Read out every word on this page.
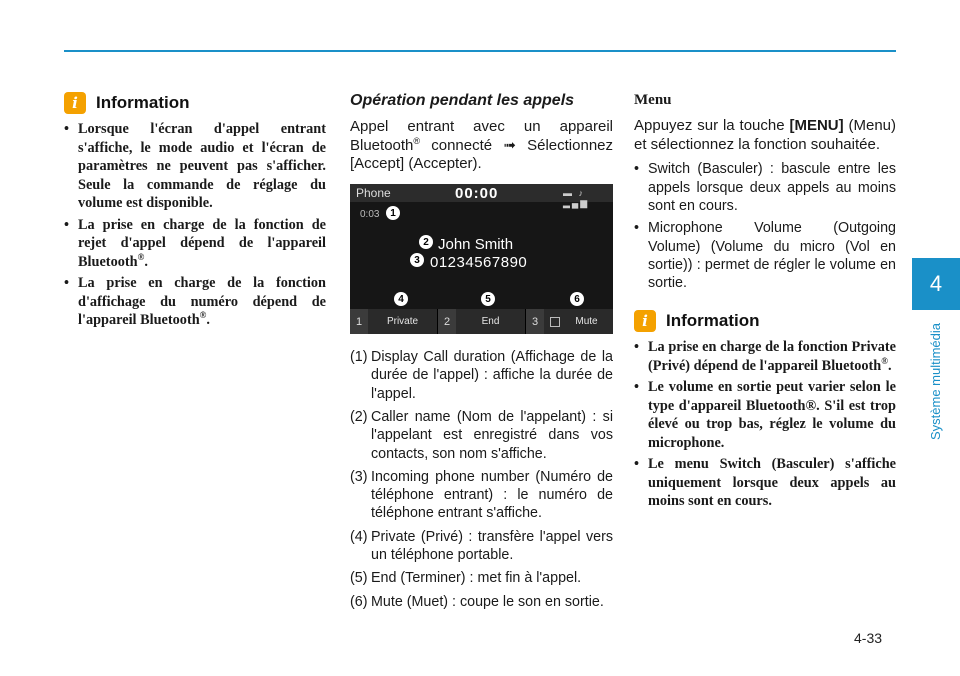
4
Système multimédia
i	Information
• Lorsque l'écran d'appel entrant s'affiche, le mode audio et l'écran de paramètres ne peuvent pas s'afficher. Seule la commande de réglage du volume est disponible.
• La prise en charge de la fonction de rejet d'appel dépend de l'appareil Bluetooth®.
• La prise en charge de la fonction d'affichage du numéro dépend de l'appareil Bluetooth®.
Opération pendant les appels

Appel entrant avec un appareil Bluetooth® connecté ➟ Sélectionnez [Accept] (Accepter).

Phone	00:00	▬ ♪ ▂▄▆
0:03
John Smith
01234567890
1
2
3
4	5	6
1	Private	2	End	3	Mute
(1) Display Call duration (Affichage de la durée de l'appel) : affiche la durée de l'appel.
(2) Caller name (Nom de l'appelant) : si l'appelant est enregistré dans vos contacts, son nom s'affiche.
(3) Incoming phone number (Numéro de téléphone entrant) : le numéro de téléphone entrant s'affiche.
(4) Private (Privé) : transfère l'appel vers un téléphone portable.
(5) End (Terminer) : met fin à l'appel.
(6) Mute (Muet) : coupe le son en sortie.
Menu

Appuyez sur la touche [MENU] (Menu) et sélectionnez la fonction souhaitée.

• Switch (Basculer) : bascule entre les appels lorsque deux appels au moins sont en cours.
• Microphone Volume (Outgoing Volume) (Volume du micro (Vol en sortie)) : permet de régler le volume en sortie.
i	Information
• La prise en charge de la fonction Private (Privé) dépend de l'appareil Bluetooth®.
• Le volume en sortie peut varier selon le type d'appareil Bluetooth®. S'il est trop élevé ou trop bas, réglez le volume du microphone.
• Le menu Switch (Basculer) s'affiche uniquement lorsque deux appels au moins sont en cours.
4-33
